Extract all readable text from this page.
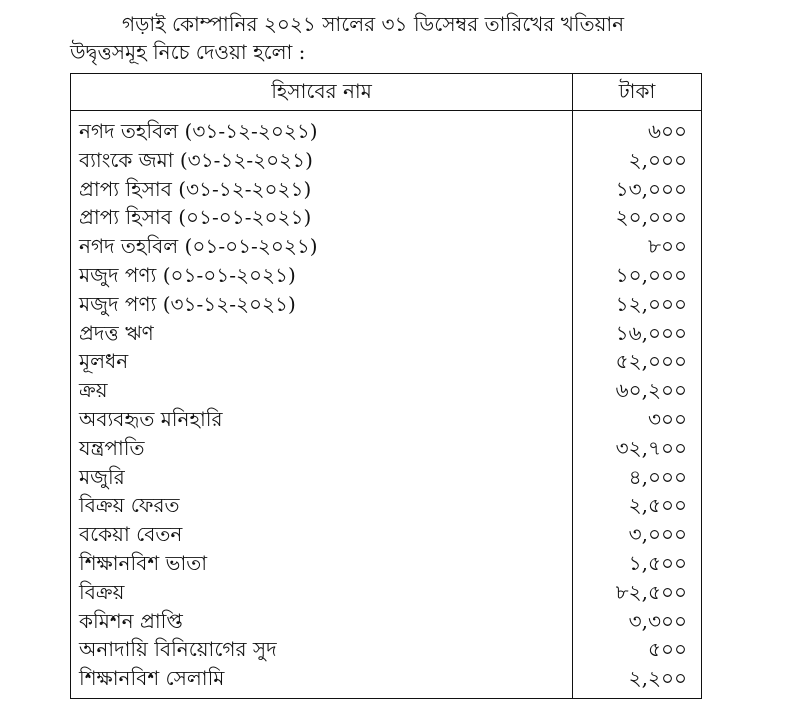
গড়াই কোম্পানির ২০২১ সালের ৩১ ডিসেম্বর তারিখের খতিয়ান
উদ্বৃত্তসমূহ নিচে দেওয়া হলো :
হিসাবের নাম	টাকা
নগদ তহবিল (৩১-১২-২০২১)
ব্যাংকে জমা (৩১-১২-২০২১)
প্রাপ্য হিসাব (৩১-১২-২০২১)
প্রাপ্য হিসাব (০১-০১-২০২১)
নগদ তহবিল (০১-০১-২০২১)
মজুদ পণ্য (০১-০১-২০২১)
মজুদ পণ্য (৩১-১২-২০২১)
প্রদত্ত ঋণ
মূলধন
ক্রয়
অব্যবহৃত মনিহারি
যন্ত্রপাতি
মজুরি
বিক্রয় ফেরত
বকেয়া বেতন
শিক্ষানবিশ ভাতা
বিক্রয়
কমিশন প্রাপ্তি
অনাদায়ি বিনিয়োগের সুদ
শিক্ষানবিশ সেলামি
৬০০
২,০০০
১৩,০০০
২০,০০০
৮০০
১০,০০০
১২,০০০
১৬,০০০
৫২,০০০
৬০,২০০
৩০০
৩২,৭০০
৪,০০০
২,৫০০
৩,০০০
১,৫০০
৮২,৫০০
৩,৩০০
৫০০
২,২০০
